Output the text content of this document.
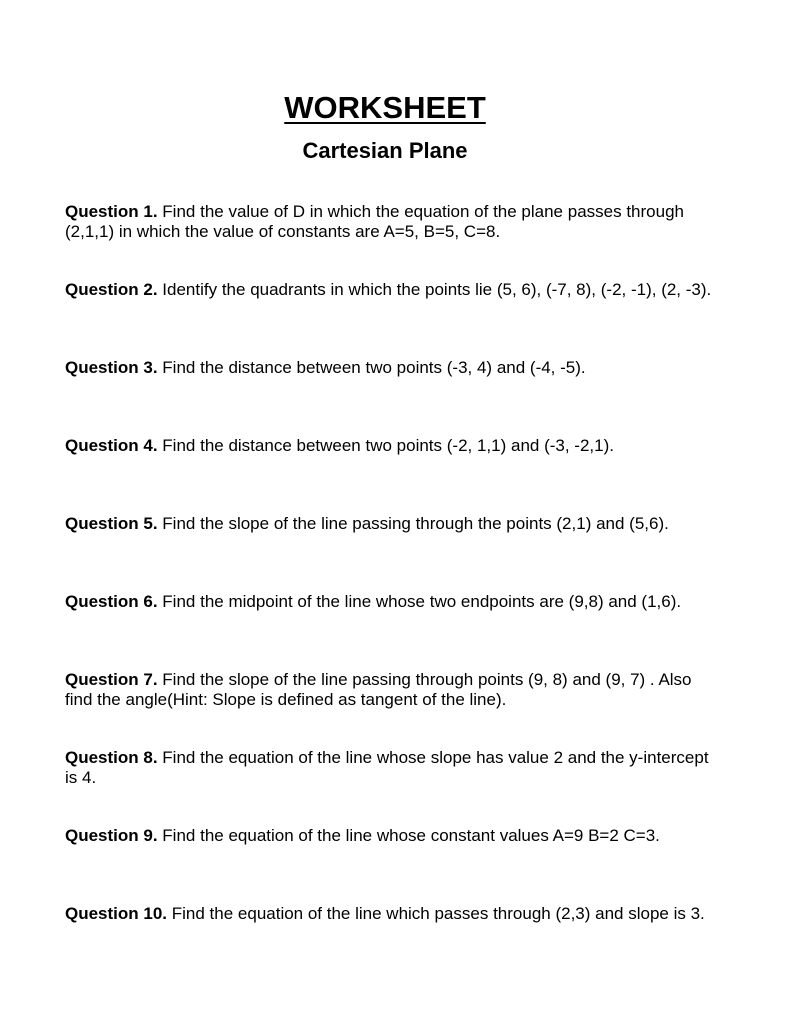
WORKSHEET
Cartesian Plane
Question 1. Find the value of D in which the equation of the plane passes through (2,1,1) in which the value of constants are A=5, B=5, C=8.
Question 2. Identify the quadrants in which the points lie (5, 6), (-7, 8), (-2, -1), (2, -3).
Question 3. Find the distance between two points (-3, 4) and (-4, -5).
Question 4. Find the distance between two points (-2, 1,1) and (-3, -2,1).
Question 5. Find the slope of the line passing through the points (2,1) and (5,6).
Question 6. Find the midpoint of the line whose two endpoints are (9,8) and (1,6).
Question 7. Find the slope of the line passing through points (9, 8) and (9, 7) . Also find the angle(Hint: Slope is defined as tangent of the line).
Question 8. Find the equation of the line whose slope has value 2 and the y-intercept is 4.
Question 9. Find the equation of the line whose constant values A=9 B=2 C=3.
Question 10. Find the equation of the line which passes through (2,3) and slope is 3.
